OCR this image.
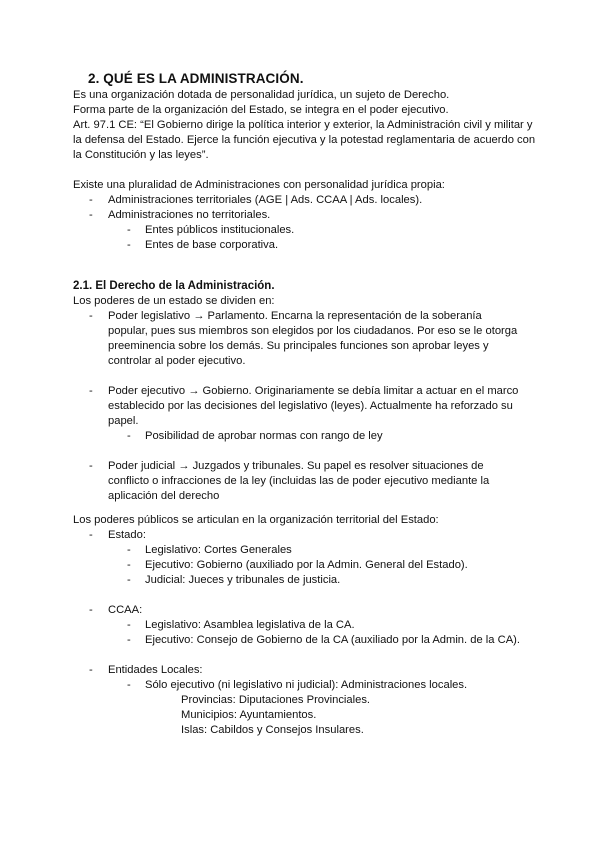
2. QUÉ ES LA ADMINISTRACIÓN.
Es una organización dotada de personalidad jurídica, un sujeto de Derecho.
Forma parte de la organización del Estado, se integra en el poder ejecutivo.
Art. 97.1 CE: “El Gobierno dirige la política interior y exterior, la Administración civil y militar y la defensa del Estado. Ejerce la función ejecutiva y la potestad reglamentaria de acuerdo con la Constitución y las leyes”.
Existe una pluralidad de Administraciones con personalidad jurídica propia:
- Administraciones territoriales (AGE | Ads. CCAA | Ads. locales).
- Administraciones no territoriales.
- Entes públicos institucionales.
- Entes de base corporativa.
2.1. El Derecho de la Administración.
Los poderes de un estado se dividen en:
- Poder legislativo → Parlamento. Encarna la representación de la soberanía popular, pues sus miembros son elegidos por los ciudadanos. Por eso se le otorga preeminencia sobre los demás. Su principales funciones son aprobar leyes y controlar al poder ejecutivo.
- Poder ejecutivo → Gobierno. Originariamente se debía limitar a actuar en el marco establecido por las decisiones del legislativo (leyes). Actualmente ha reforzado su papel.
- Posibilidad de aprobar normas con rango de ley
- Poder judicial → Juzgados y tribunales. Su papel es resolver situaciones de conflicto o infracciones de la ley (incluidas las de poder ejecutivo mediante la aplicación del derecho
Los poderes públicos se articulan en la organización territorial del Estado:
- Estado:
- Legislativo: Cortes Generales
- Ejecutivo: Gobierno (auxiliado por la Admin. General del Estado).
- Judicial: Jueces y tribunales de justicia.
- CCAA:
- Legislativo: Asamblea legislativa de la CA.
- Ejecutivo: Consejo de Gobierno de la CA (auxiliado por la Admin. de la CA).
- Entidades Locales:
- Sólo ejecutivo (ni legislativo ni judicial): Administraciones locales.
Provincias: Diputaciones Provinciales.
Municipios: Ayuntamientos.
Islas: Cabildos y Consejos Insulares.
